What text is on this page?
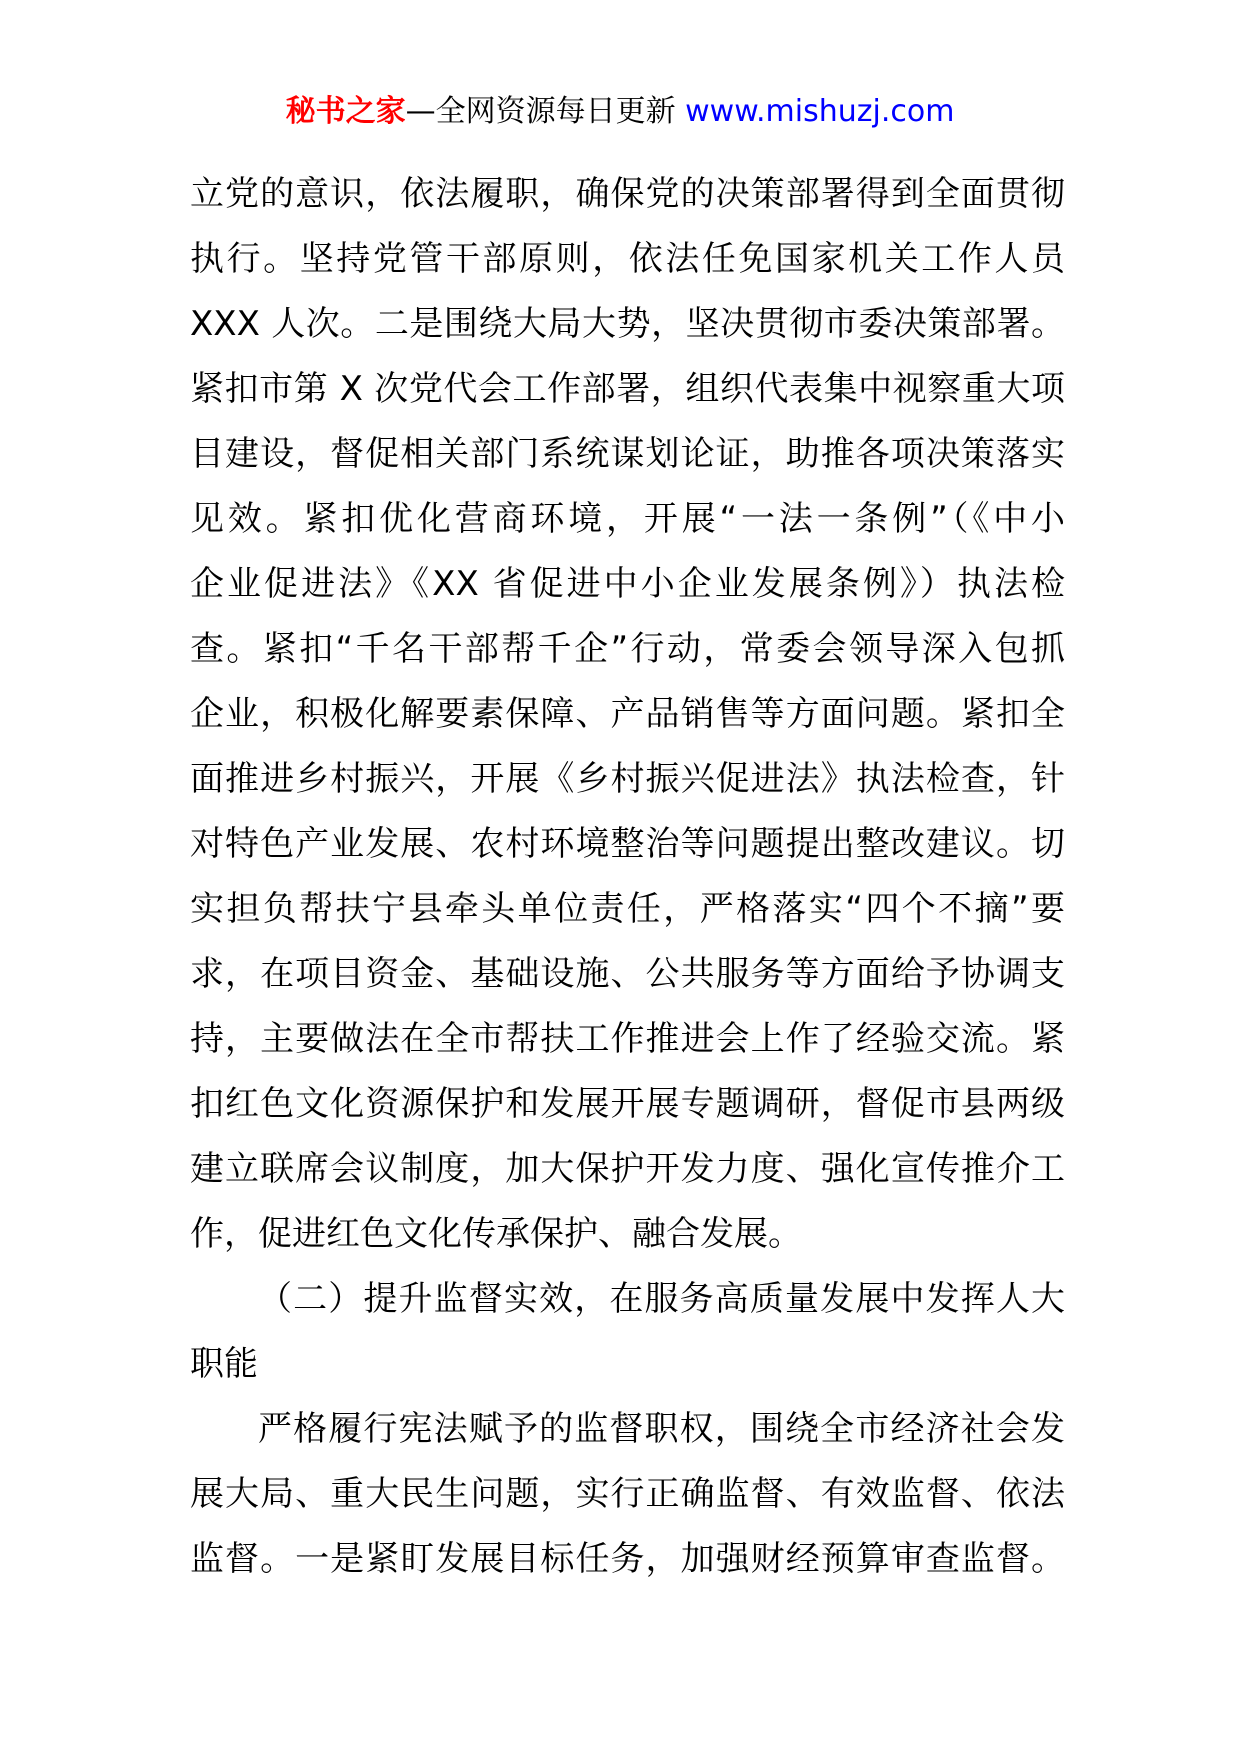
秘书之家—全网资源每日更新 www.mishuzj.com
立党的意识，依法履职，确保党的决策部署得到全面贯彻
执行。坚持党管干部原则，依法任免国家机关工作人员
XXX 人次。二是围绕大局大势，坚决贯彻市委决策部署。
紧扣市第 X 次党代会工作部署，组织代表集中视察重大项
目建设，督促相关部门系统谋划论证，助推各项决策落实
见效。紧扣优化营商环境，开展“一法一条例”（《中小
企业促进法》《XX 省促进中小企业发展条例》）执法检
查。紧扣“千名干部帮千企”行动，常委会领导深入包抓
企业，积极化解要素保障、产品销售等方面问题。紧扣全
面推进乡村振兴，开展《乡村振兴促进法》执法检查，针
对特色产业发展、农村环境整治等问题提出整改建议。切
实担负帮扶宁县牵头单位责任，严格落实“四个不摘”要
求，在项目资金、基础设施、公共服务等方面给予协调支
持，主要做法在全市帮扶工作推进会上作了经验交流。紧
扣红色文化资源保护和发展开展专题调研，督促市县两级
建立联席会议制度，加大保护开发力度、强化宣传推介工
作，促进红色文化传承保护、融合发展。
（二）提升监督实效，在服务高质量发展中发挥人大
职能
严格履行宪法赋予的监督职权，围绕全市经济社会发
展大局、重大民生问题，实行正确监督、有效监督、依法
监督。一是紧盯发展目标任务，加强财经预算审查监督。
